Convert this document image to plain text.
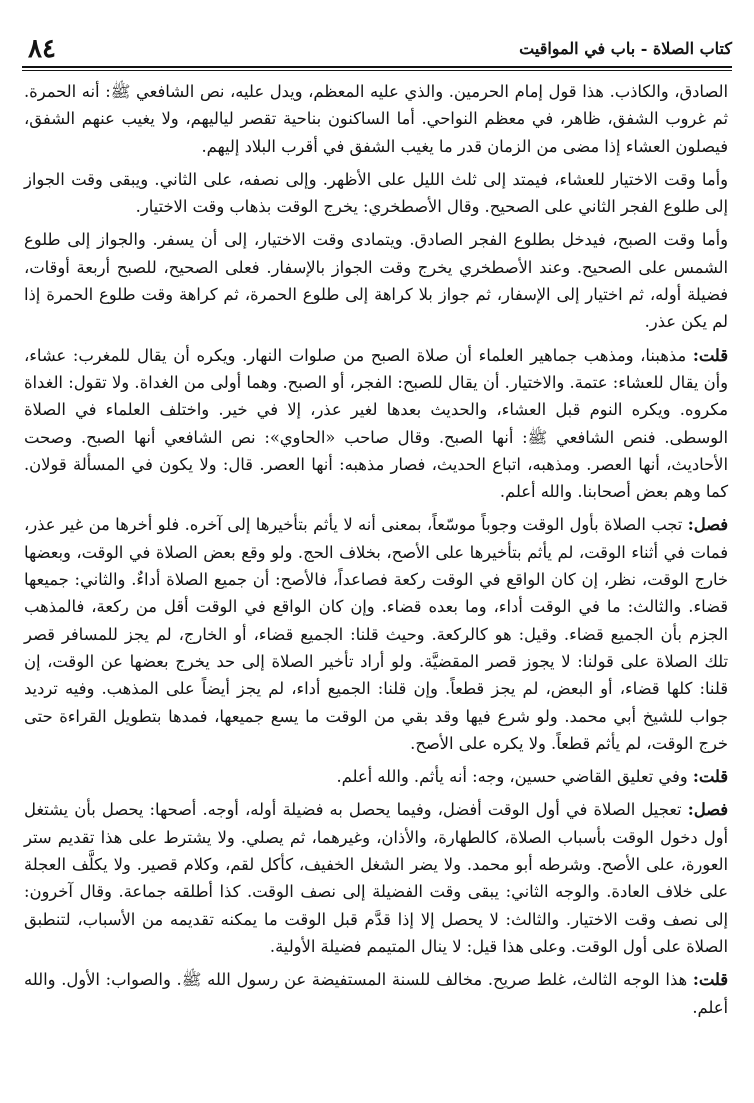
٨٤	كتاب الصلاة - باب في المواقيت

الصادق، والكاذب. هذا قول إمام الحرمين. والذي عليه المعظم، ويدل عليه، نص الشافعي ﷺ: أنه الحمرة. ثم غروب الشفق، ظاهر، في معظم النواحي. أما الساكنون بناحية تقصر لياليهم، ولا يغيب عنهم الشفق، فيصلون العشاء إذا مضى من الزمان قدر ما يغيب الشفق في أقرب البلاد إليهم.

وأما وقت الاختيار للعشاء، فيمتد إلى ثلث الليل على الأظهر. وإلى نصفه، على الثاني. ويبقى وقت الجواز إلى طلوع الفجر الثاني على الصحيح. وقال الأصطخري: يخرج الوقت بذهاب وقت الاختيار.

وأما وقت الصبح، فيدخل بطلوع الفجر الصادق. ويتمادى وقت الاختيار، إلى أن يسفر. والجواز إلى طلوع الشمس على الصحيح. وعند الأصطخري يخرج وقت الجواز بالإسفار. فعلى الصحيح، للصبح أربعة أوقات، فضيلة أوله، ثم اختيار إلى الإسفار، ثم جواز بلا كراهة إلى طلوع الحمرة، ثم كراهة وقت طلوع الحمرة إذا لم يكن عذر.

قلت: مذهبنا، ومذهب جماهير العلماء أن صلاة الصبح من صلوات النهار. ويكره أن يقال للمغرب: عشاء، وأن يقال للعشاء: عتمة. والاختيار. أن يقال للصبح: الفجر، أو الصبح. وهما أولى من الغداة. ولا تقول: الغداة مكروه. ويكره النوم قبل العشاء، والحديث بعدها لغير عذر، إلا في خير. واختلف العلماء في الصلاة الوسطى. فنص الشافعي ﷺ: أنها الصبح. وقال صاحب «الحاوي»: نص الشافعي أنها الصبح. وصحت الأحاديث، أنها العصر. ومذهبه، اتباع الحديث، فصار مذهبه: أنها العصر. قال: ولا يكون في المسألة قولان. كما وهم بعض أصحابنا. والله أعلم.

فصل: تجب الصلاة بأول الوقت وجوباً موسّعاً، بمعنى أنه لا يأثم بتأخيرها إلى آخره. فلو أخرها من غير عذر، فمات في أثناء الوقت، لم يأثم بتأخيرها على الأصح، بخلاف الحج. ولو وقع بعض الصلاة في الوقت، وبعضها خارج الوقت، نظر، إن كان الواقع في الوقت ركعة فصاعداً، فالأصح: أن جميع الصلاة أداءٌ. والثاني: جميعها قضاء. والثالث: ما في الوقت أداء، وما بعده قضاء. وإن كان الواقع في الوقت أقل من ركعة، فالمذهب الجزم بأن الجميع قضاء. وقيل: هو كالركعة. وحيث قلنا: الجميع قضاء، أو الخارج، لم يجز للمسافر قصر تلك الصلاة على قولنا: لا يجوز قصر المقضيَّة. ولو أراد تأخير الصلاة إلى حد يخرج بعضها عن الوقت، إن قلنا: كلها قضاء، أو البعض، لم يجز قطعاً. وإن قلنا: الجميع أداء، لم يجز أيضاً على المذهب. وفيه ترديد جواب للشيخ أبي محمد. ولو شرع فيها وقد بقي من الوقت ما يسع جميعها، فمدها بتطويل القراءة حتى خرج الوقت، لم يأثم قطعاً. ولا يكره على الأصح.

قلت: وفي تعليق القاضي حسين، وجه: أنه يأثم. والله أعلم.

فصل: تعجيل الصلاة في أول الوقت أفضل، وفيما يحصل به فضيلة أوله، أوجه. أصحها: يحصل بأن يشتغل أول دخول الوقت بأسباب الصلاة، كالطهارة، والأذان، وغيرهما، ثم يصلي. ولا يشترط على هذا تقديم ستر العورة، على الأصح. وشرطه أبو محمد. ولا يضر الشغل الخفيف، كأكل لقم، وكلام قصير. ولا يكلَّف العجلة على خلاف العادة. والوجه الثاني: يبقى وقت الفضيلة إلى نصف الوقت. كذا أطلقه جماعة. وقال آخرون: إلى نصف وقت الاختيار. والثالث: لا يحصل إلا إذا قدَّم قبل الوقت ما يمكنه تقديمه من الأسباب، لتنطبق الصلاة على أول الوقت. وعلى هذا قيل: لا ينال المتيمم فضيلة الأولية.

قلت: هذا الوجه الثالث، غلط صريح. مخالف للسنة المستفيضة عن رسول الله ﷺ. والصواب: الأول. والله أعلم.
